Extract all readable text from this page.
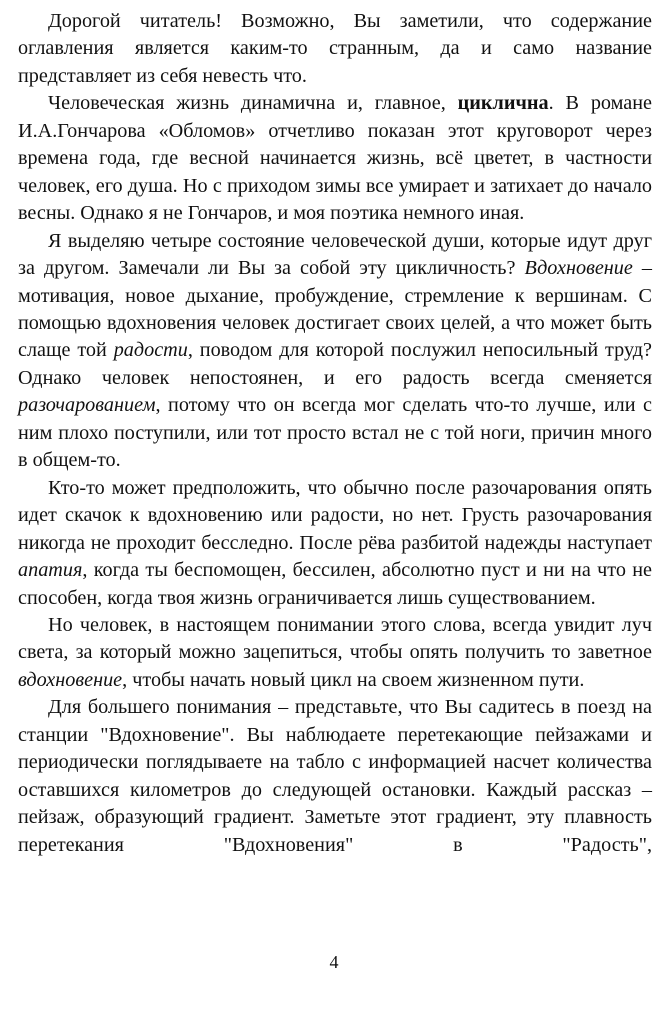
Дорогой читатель! Возможно, Вы заметили, что содержание оглавления является каким-то странным, да и само название представляет из себя невесть что.

Человеческая жизнь динамична и, главное, циклична. В романе И.А.Гончарова «Обломов» отчетливо показан этот круговорот через времена года, где весной начинается жизнь, всё цветет, в частности человек, его душа. Но с приходом зимы все умирает и затихает до начало весны. Однако я не Гончаров, и моя поэтика немного иная.

Я выделяю четыре состояние человеческой души, которые идут друг за другом. Замечали ли Вы за собой эту цикличность? Вдохновение – мотивация, новое дыхание, пробуждение, стремление к вершинам. С помощью вдохновения человек достигает своих целей, а что может быть слаще той радости, поводом для которой послужил непосильный труд? Однако человек непостоянен, и его радость всегда сменяется разочарованием, потому что он всегда мог сделать что-то лучше, или с ним плохо поступили, или тот просто встал не с той ноги, причин много в общем-то.

Кто-то может предположить, что обычно после разочарования опять идет скачок к вдохновению или радости, но нет. Грусть разочарования никогда не проходит бесследно. После рёва разбитой надежды наступает апатия, когда ты беспомощен, бессилен, абсолютно пуст и ни на что не способен, когда твоя жизнь ограничивается лишь существованием.

Но человек, в настоящем понимании этого слова, всегда увидит луч света, за который можно зацепиться, чтобы опять получить то заветное вдохновение, чтобы начать новый цикл на своем жизненном пути.

Для большего понимания – представьте, что Вы садитесь в поезд на станции "Вдохновение". Вы наблюдаете перетекающие пейзажами и периодически поглядываете на табло с информацией насчет количества оставшихся километров до следующей остановки. Каждый рассказ – пейзаж, образующий градиент. Заметьте этот градиент, эту плавность перетекания "Вдохновения" в "Радость",

4
